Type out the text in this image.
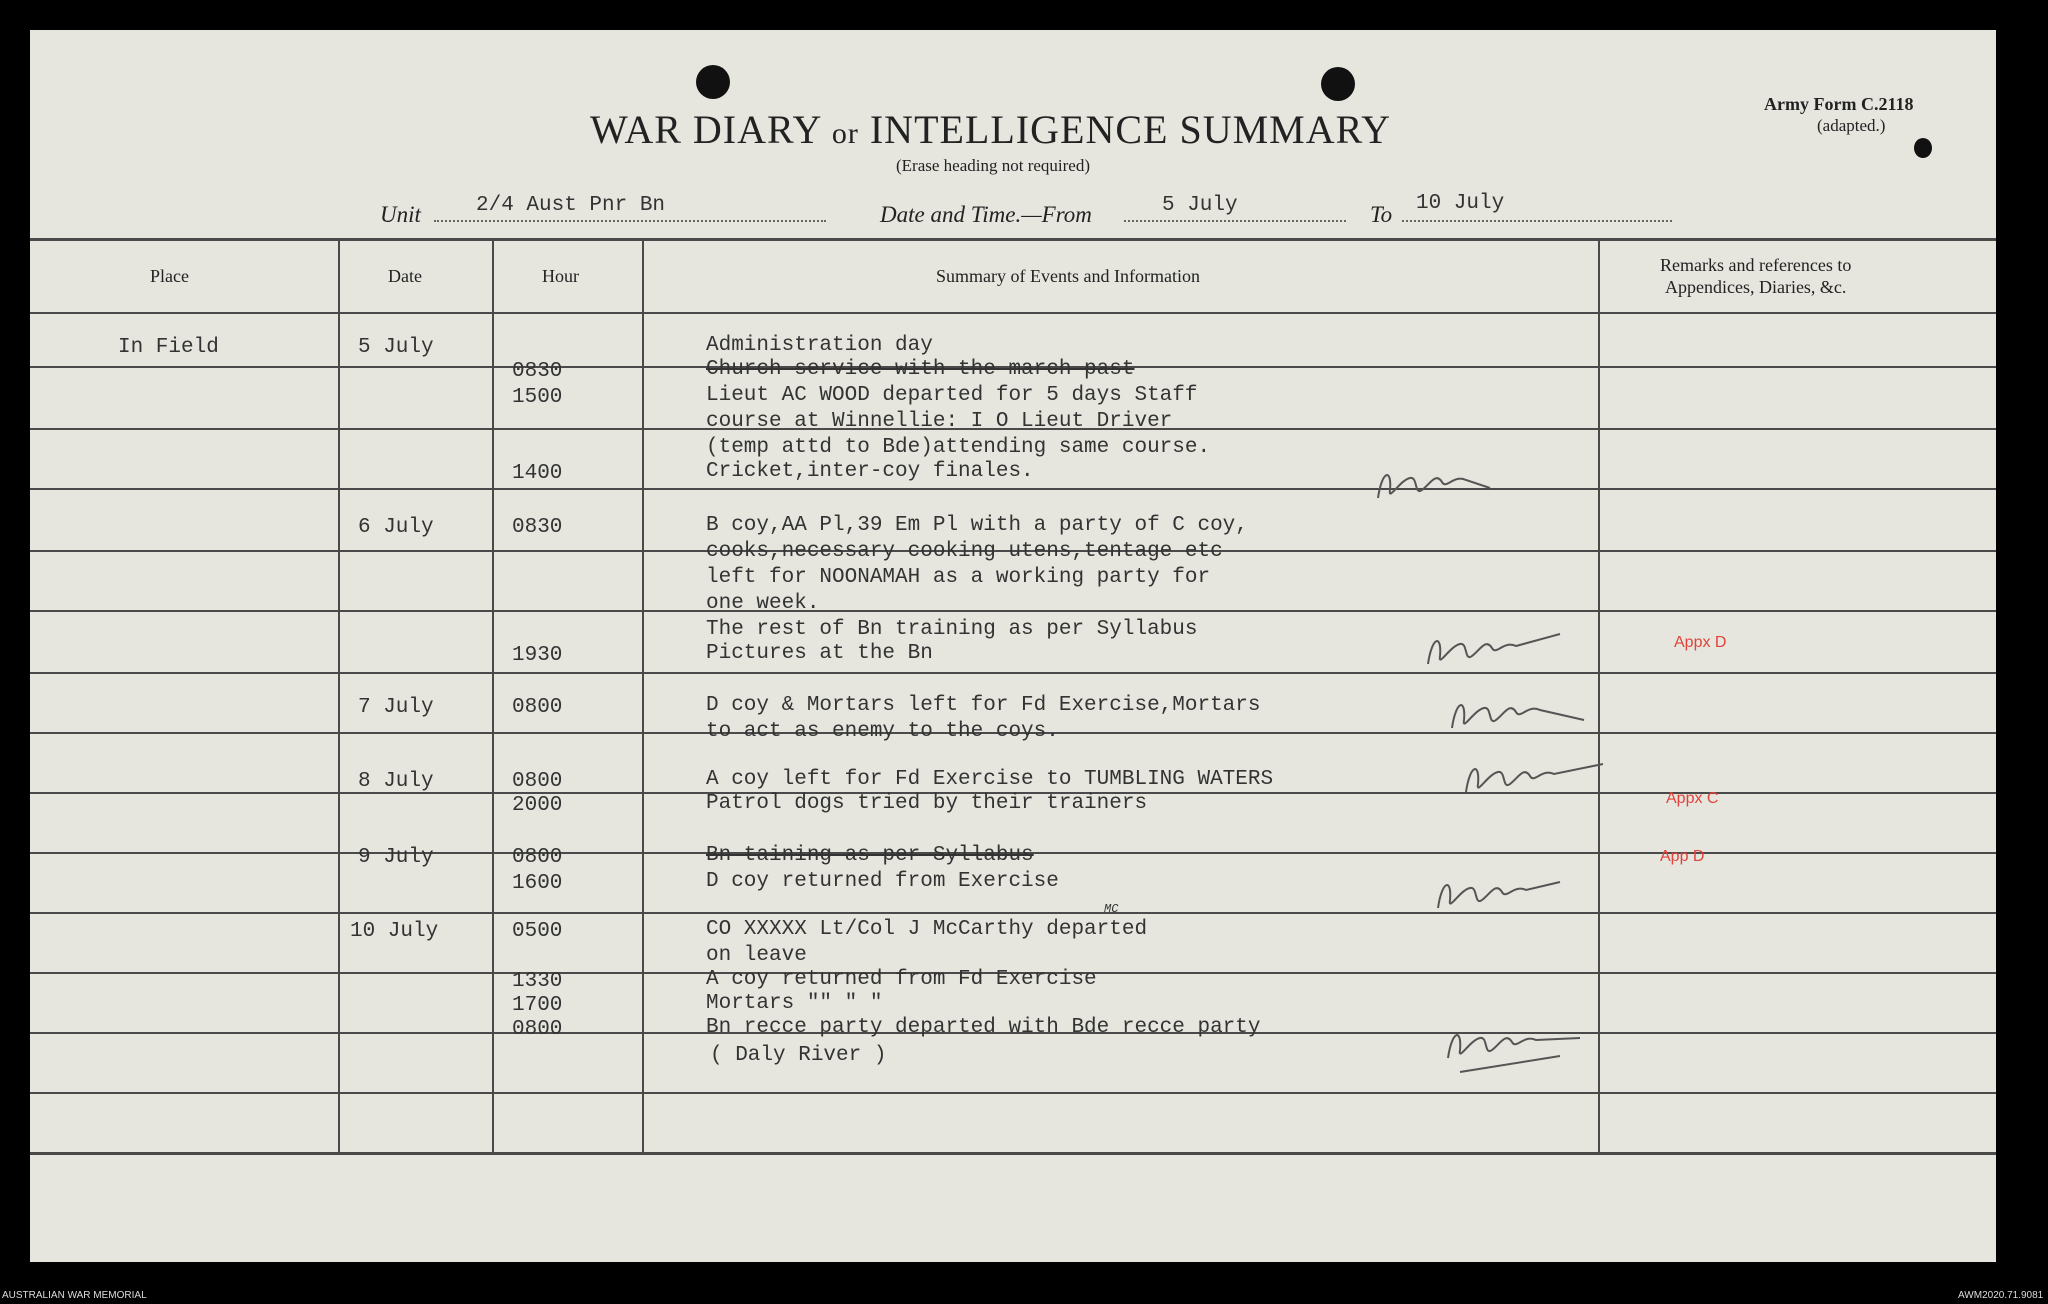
WAR DIARY or INTELLIGENCE SUMMARY
(Erase heading not required)
Army Form C.2118
(adapted.)
Unit	2/4 Aust Pnr Bn	Date and Time.—From	5 July	To 10 July
Place	Date	Hour	Summary of Events and Information
Remarks and references to
Appendices, Diaries, &c.
In Field	5 July	Administration day
0830	Church service with the march past
1500	Lieut AC WOOD departed for 5 days Staff
course at Winnellie: I O Lieut Driver
(temp attd to Bde)attending same course.
1400	Cricket,inter-coy finales.
6 July	0830	B coy,AA Pl,39 Em Pl with a party of C coy,
cooks,necessary cooking utens,tentage etc
left for NOONAMAH as a working party for
one week.
The rest of Bn training as per Syllabus
1930	Pictures at the Bn	Appx D
7 July	0800	D coy & Mortars left for Fd Exercise,Mortars
to act as enemy to the coys.
8 July	0800	A coy left for Fd Exercise to TUMBLING WATERS
2000	Patrol dogs tried by their trainers	Appx C
9 July	0800	Bn taining as per Syllabus	App D
1600	D coy returned from Exercise
MC
10 July	0500	CO XXXXX Lt/Col J McCarthy departed
on leave
1330	A coy returned from Fd Exercise
1700	Mortars "" " "
0800	Bn recce party departed with Bde recce party
( Daly River )
AUSTRALIAN WAR MEMORIAL	AWM2020.71.9081
